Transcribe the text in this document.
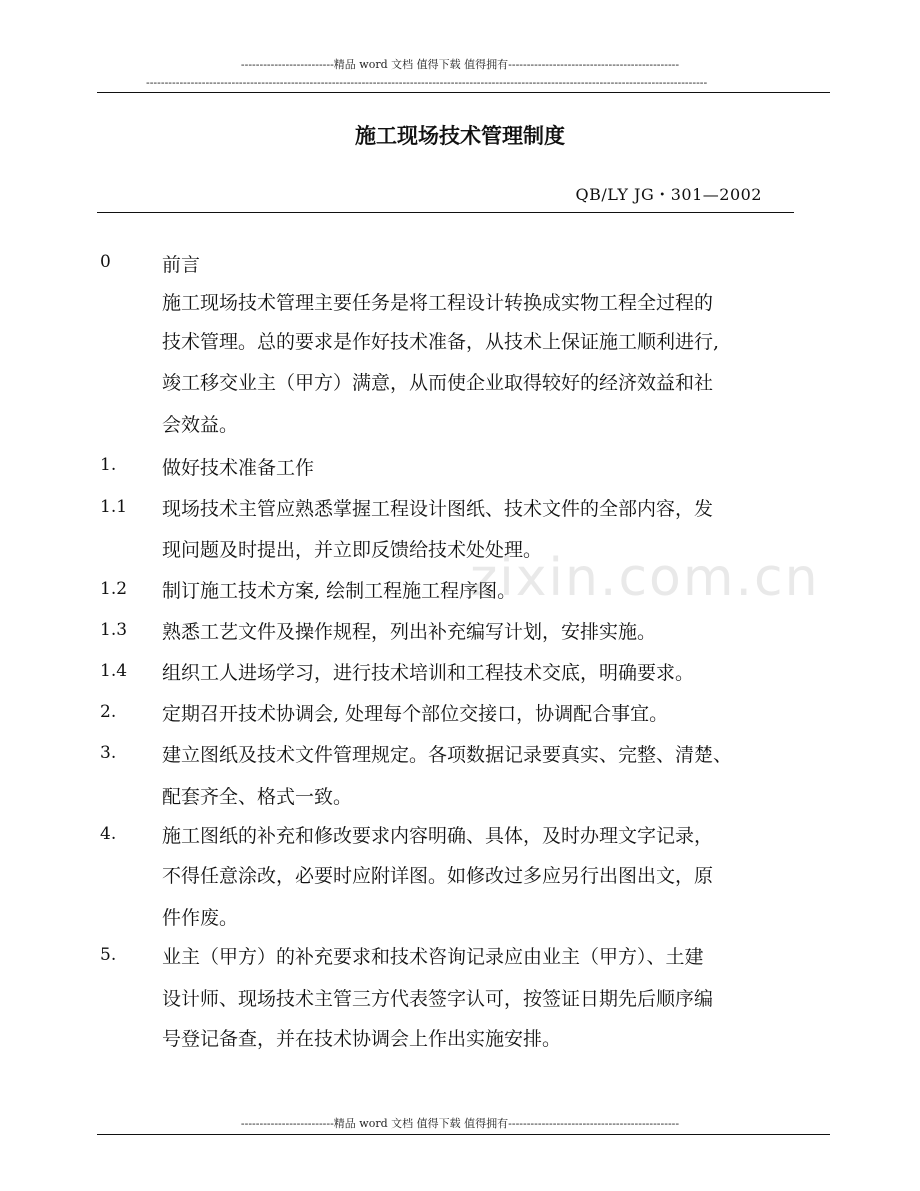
-------------------------精品 word 文档 值得下载 值得拥有----------------------------------------------
-------------------------------------------------------------------------------------------------------------------------------------------------------
施工现场技术管理制度
QB/LY JG・301—2002
zixin.com.cn
0	前言
施工现场技术管理主要任务是将工程设计转换成实物工程全过程的
技术管理。总的要求是作好技术准备，从技术上保证施工顺利进行,
竣工移交业主（甲方）满意，从而使企业取得较好的经济效益和社
会效益。
1. 做好技术准备工作
1.1 现场技术主管应熟悉掌握工程设计图纸、技术文件的全部内容，发
现问题及时提出，并立即反馈给技术处处理。
1.2 制订施工技术方案, 绘制工程施工程序图。
1.3 熟悉工艺文件及操作规程，列出补充编写计划，安排实施。
1.4 组织工人进场学习，进行技术培训和工程技术交底，明确要求。
2. 定期召开技术协调会, 处理每个部位交接口，协调配合事宜。
3. 建立图纸及技术文件管理规定。各项数据记录要真实、完整、清楚、
配套齐全、格式一致。
4. 施工图纸的补充和修改要求内容明确、具体，及时办理文字记录，
不得任意涂改，必要时应附详图。如修改过多应另行出图出文，原
件作废。
5. 业主（甲方）的补充要求和技术咨询记录应由业主（甲方）、土建
设计师、现场技术主管三方代表签字认可，按签证日期先后顺序编
号登记备查，并在技术协调会上作出实施安排。
-------------------------精品 word 文档 值得下载 值得拥有----------------------------------------------
